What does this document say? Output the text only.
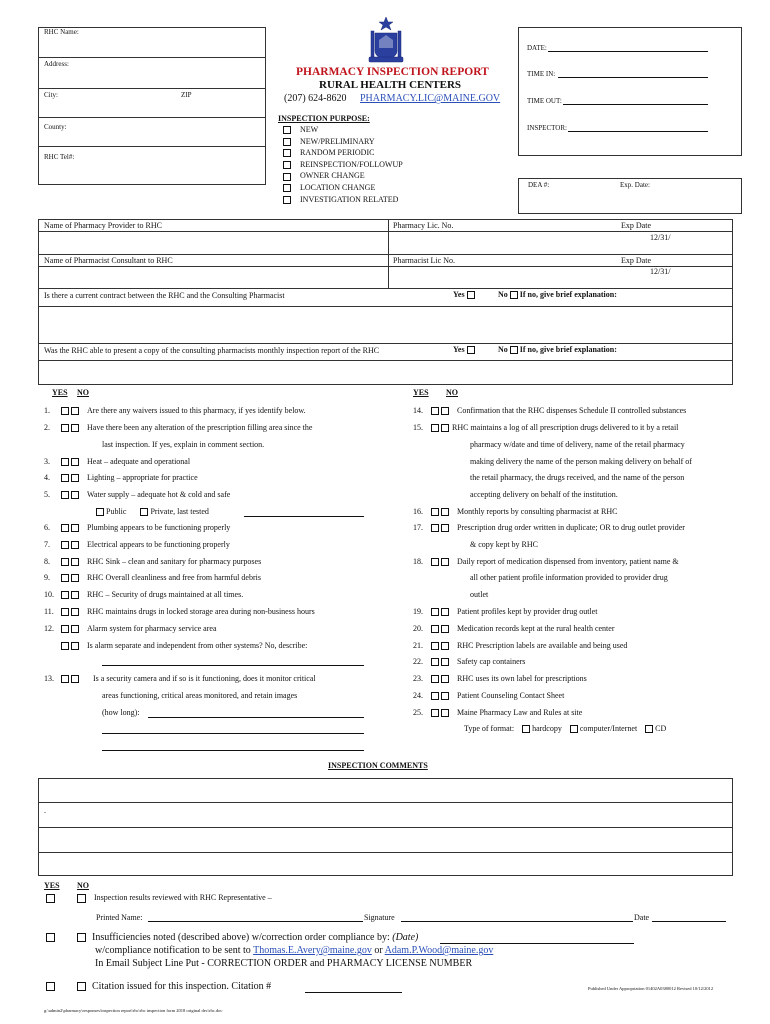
RHC Name:
Address:
City:	ZIP
County:
RHC Tel#:
PHARMACY INSPECTION REPORT
RURAL HEALTH CENTERS
(207) 624-8620 PHARMACY.LIC@MAINE.GOV
INSPECTION PURPOSE:
NEW
NEW/PRELIMINARY
RANDOM PERIODIC
REINSPECTION/FOLLOWUP
OWNER CHANGE
LOCATION CHANGE
INVESTIGATION RELATED
DATE:
TIME IN:
TIME OUT:
INSPECTOR:
DEA #:	Exp. Date:
Name of Pharmacy Provider to RHC	Pharmacy Lic. No.	Exp Date
12/31/
Name of Pharmacist Consultant to RHC	Pharmacist Lic No.	Exp Date
12/31/
Is there a current contract between the RHC and the Consulting Pharmacist	Yes	No If no, give brief explanation:
Was the RHC able to present a copy of the consulting pharmacists monthly inspection report of the RHC	Yes	No If no, give brief explanation:
YES NO	YES NO
1.	Are there any waivers issued to this pharmacy, if yes identify below.
2.	Have there been any alteration of the prescription filling area since the
last inspection. If yes, explain in comment section.
3.	Heat – adequate and operational
4.	Lighting – appropriate for practice
5.	Water supply – adequate hot & cold and safe
Public	Private, last tested
6.	Plumbing appears to be functioning properly
7.	Electrical appears to be functioning properly
8.	RHC Sink – clean and sanitary for pharmacy purposes
9.	RHC Overall cleanliness and free from harmful debris
10.	RHC – Security of drugs maintained at all times.
11.	RHC maintains drugs in locked storage area during non-business hours
12.	Alarm system for pharmacy service area
Is alarm separate and independent from other systems? No, describe:
13.	Is a security camera and if so is it functioning, does it monitor critical
areas functioning, critical areas monitored, and retain images
(how long):
14.	Confirmation that the RHC dispenses Schedule II controlled substances
15.	RHC maintains a log of all prescription drugs delivered to it by a retail
pharmacy w/date and time of delivery, name of the retail pharmacy
making delivery the name of the person making delivery on behalf of
the retail pharmacy, the drugs received, and the name of the person
accepting delivery on behalf of the institution.
16.	Monthly reports by consulting pharmacist at RHC
17.	Prescription drug order written in duplicate; OR to drug outlet provider
& copy kept by RHC
18.	Daily report of medication dispensed from inventory, patient name &
all other patient profile information provided to provider drug
outlet
19.	Patient profiles kept by provider drug outlet
20.	Medication records kept at the rural health center
21.	RHC Prescription labels are available and being used
22.	Safety cap containers
23.	RHC uses its own label for prescriptions
24.	Patient Counseling Contact Sheet
25.	Maine Pharmacy Law and Rules at site
Type of format: hardcopy computer/Internet CD
INSPECTION COMMENTS
.
YES NO
Inspection results reviewed with RHC Representative –
Printed Name:	Signature	Date
Insufficiencies noted (described above) w/correction order compliance by: (Date)
w/compliance notification to be sent to Thomas.E.Avery@maine.gov or Adam.P.Wood@maine.gov
In Email Subject Line Put - CORRECTION ORDER and PHARMACY LICENSE NUMBER
Citation issued for this inspection. Citation #	Published Under Appropriation 01402A0380012 Revised 10/12/2012
g:\admin2\pharmacy\responses\inspection report\rhc\rhc inspection form 2018 original dec\rhc.doc
